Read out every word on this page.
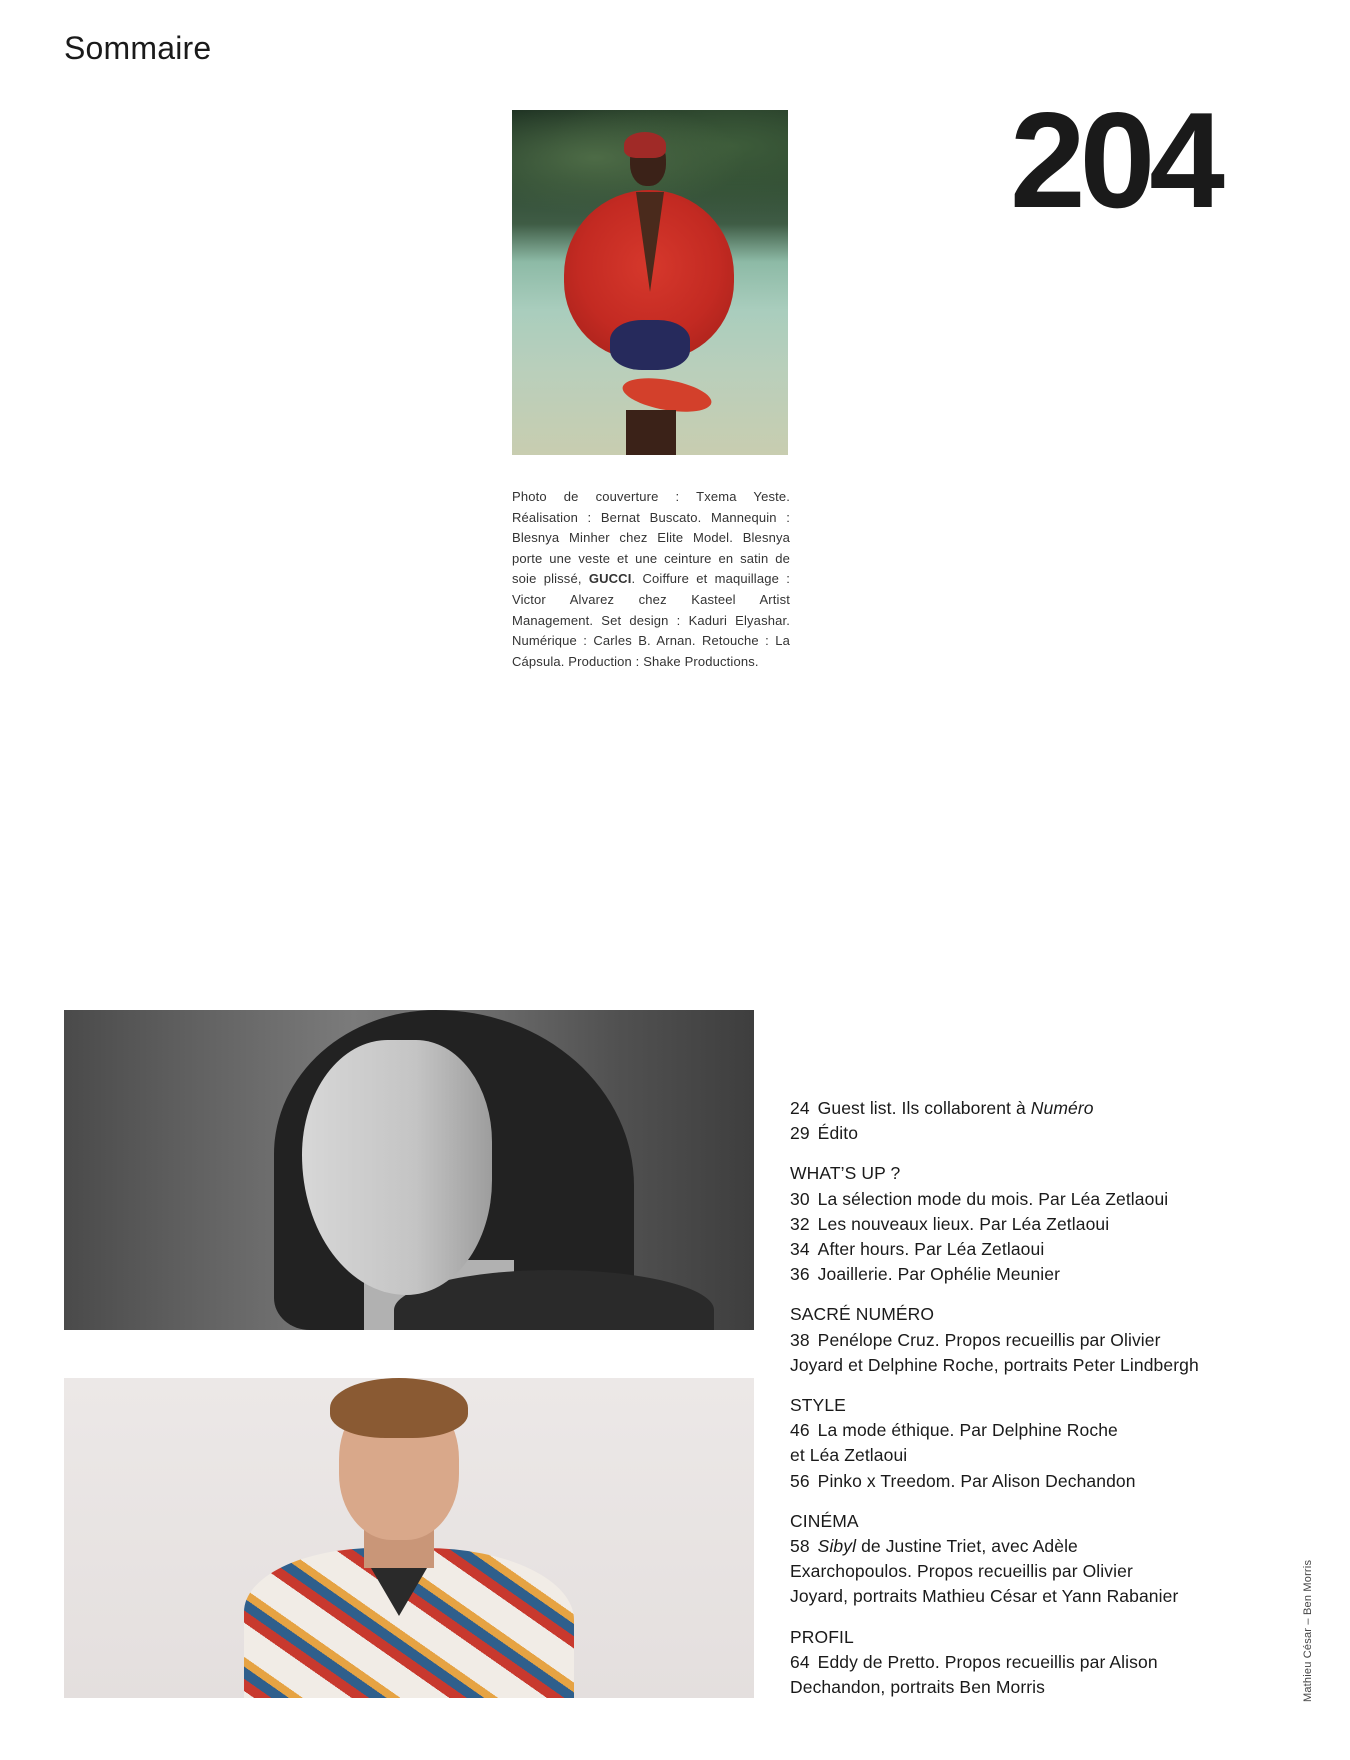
Sommaire
204
Photo de couverture : Txema Yeste. Réalisation : Bernat Buscato. Mannequin : Blesnya Minher chez Elite Model. Blesnya porte une veste et une ceinture en satin de soie plissé, GUCCI. Coiffure et maquillage : Victor Alvarez chez Kasteel Artist Management. Set design : Kaduri Elyashar. Numérique : Carles B. Arnan. Retouche : La Cápsula. Production : Shake Productions.

24 Guest list. Ils collaborent à Numéro

29 Édito

WHAT’S UP ?

30 La sélection mode du mois. Par Léa Zetlaoui

32 Les nouveaux lieux. Par Léa Zetlaoui

34 After hours. Par Léa Zetlaoui

36 Joaillerie. Par Ophélie Meunier

SACRÉ NUMÉRO

38 Penélope Cruz. Propos recueillis par Olivier

Joyard et Delphine Roche, portraits Peter Lindbergh

STYLE

46 La mode éthique. Par Delphine Roche

et Léa Zetlaoui

56 Pinko x Treedom. Par Alison Dechandon

CINÉMA

58 Sibyl de Justine Triet, avec Adèle

Exarchopoulos. Propos recueillis par Olivier

Joyard, portraits Mathieu César et Yann Rabanier

PROFIL

64 Eddy de Pretto. Propos recueillis par Alison

Dechandon, portraits Ben Morris	Mathieu César – Ben Morris
